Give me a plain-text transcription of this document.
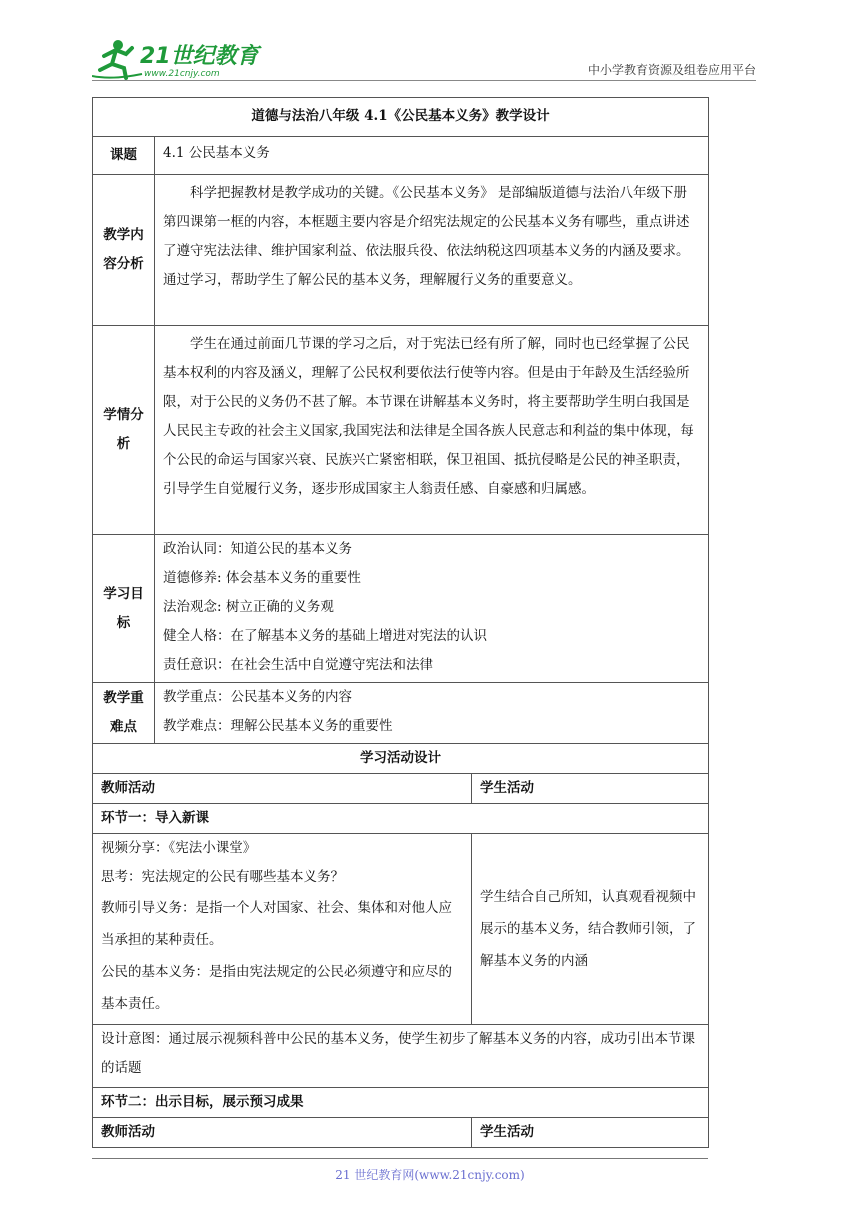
21世纪教育
www.21cnjy.com	中小学教育资源及组卷应用平台
道德与法治八年级 4.1《公民基本义务》教学设计		
课题	4.1 公民基本义务	
教学内容分析	科学把握教材是教学成功的关键。《公民基本义务》 是部编版道德与法治八年级下册第四课第一框的内容，本框题主要内容是介绍宪法规定的公民基本义务有哪些，重点讲述了遵守宪法法律、维护国家利益、依法服兵役、依法纳税这四项基本义务的内涵及要求。通过学习，帮助学生了解公民的基本义务，理解履行义务的重要意义。	

学情分析	学生在通过前面几节课的学习之后，对于宪法已经有所了解，同时也已经掌握了公民基本权利的内容及涵义，理解了公民权利要依法行使等内容。但是由于年龄及生活经验所限，对于公民的义务仍不甚了解。本节课在讲解基本义务时，将主要帮助学生明白我国是人民民主专政的社会主义国家,我国宪法和法律是全国各族人民意志和利益的集中体现，每个公民的命运与国家兴衰、民族兴亡紧密相联，保卫祖国、抵抗侵略是公民的神圣职责，引导学生自觉履行义务，逐步形成国家主人翁责任感、自豪感和归属感。	

学习目标	政治认同：知道公民的基本义务

道德修养: 体会基本义务的重要性

法治观念: 树立正确的义务观

健全人格：在了解基本义务的基础上增进对宪法的认识

责任意识：在社会生活中自觉遵守宪法和法律	

教学重难点	教学重点：公民基本义务的内容

教学难点：理解公民基本义务的重要性	

学习活动设计		
教师活动		学生活动
环节一：导入新课		

视频分享：《宪法小课堂》

思考：宪法规定的公民有哪些基本义务？

教师引导义务：是指一个人对国家、社会、集体和对他人应当承担的某种责任。

公民的基本义务：是指由宪法规定的公民必须遵守和应尽的基本责任。		学生结合自己所知，认真观看视频中展示的基本义务，结合教师引领，了解基本义务的内涵
设计意图：通过展示视频科普中公民的基本义务，使学生初步了解基本义务的内容，成功引出本节课的话题		
环节二：出示目标，展示预习成果		
教师活动		学生活动
21 世纪教育网(www.21cnjy.com)
